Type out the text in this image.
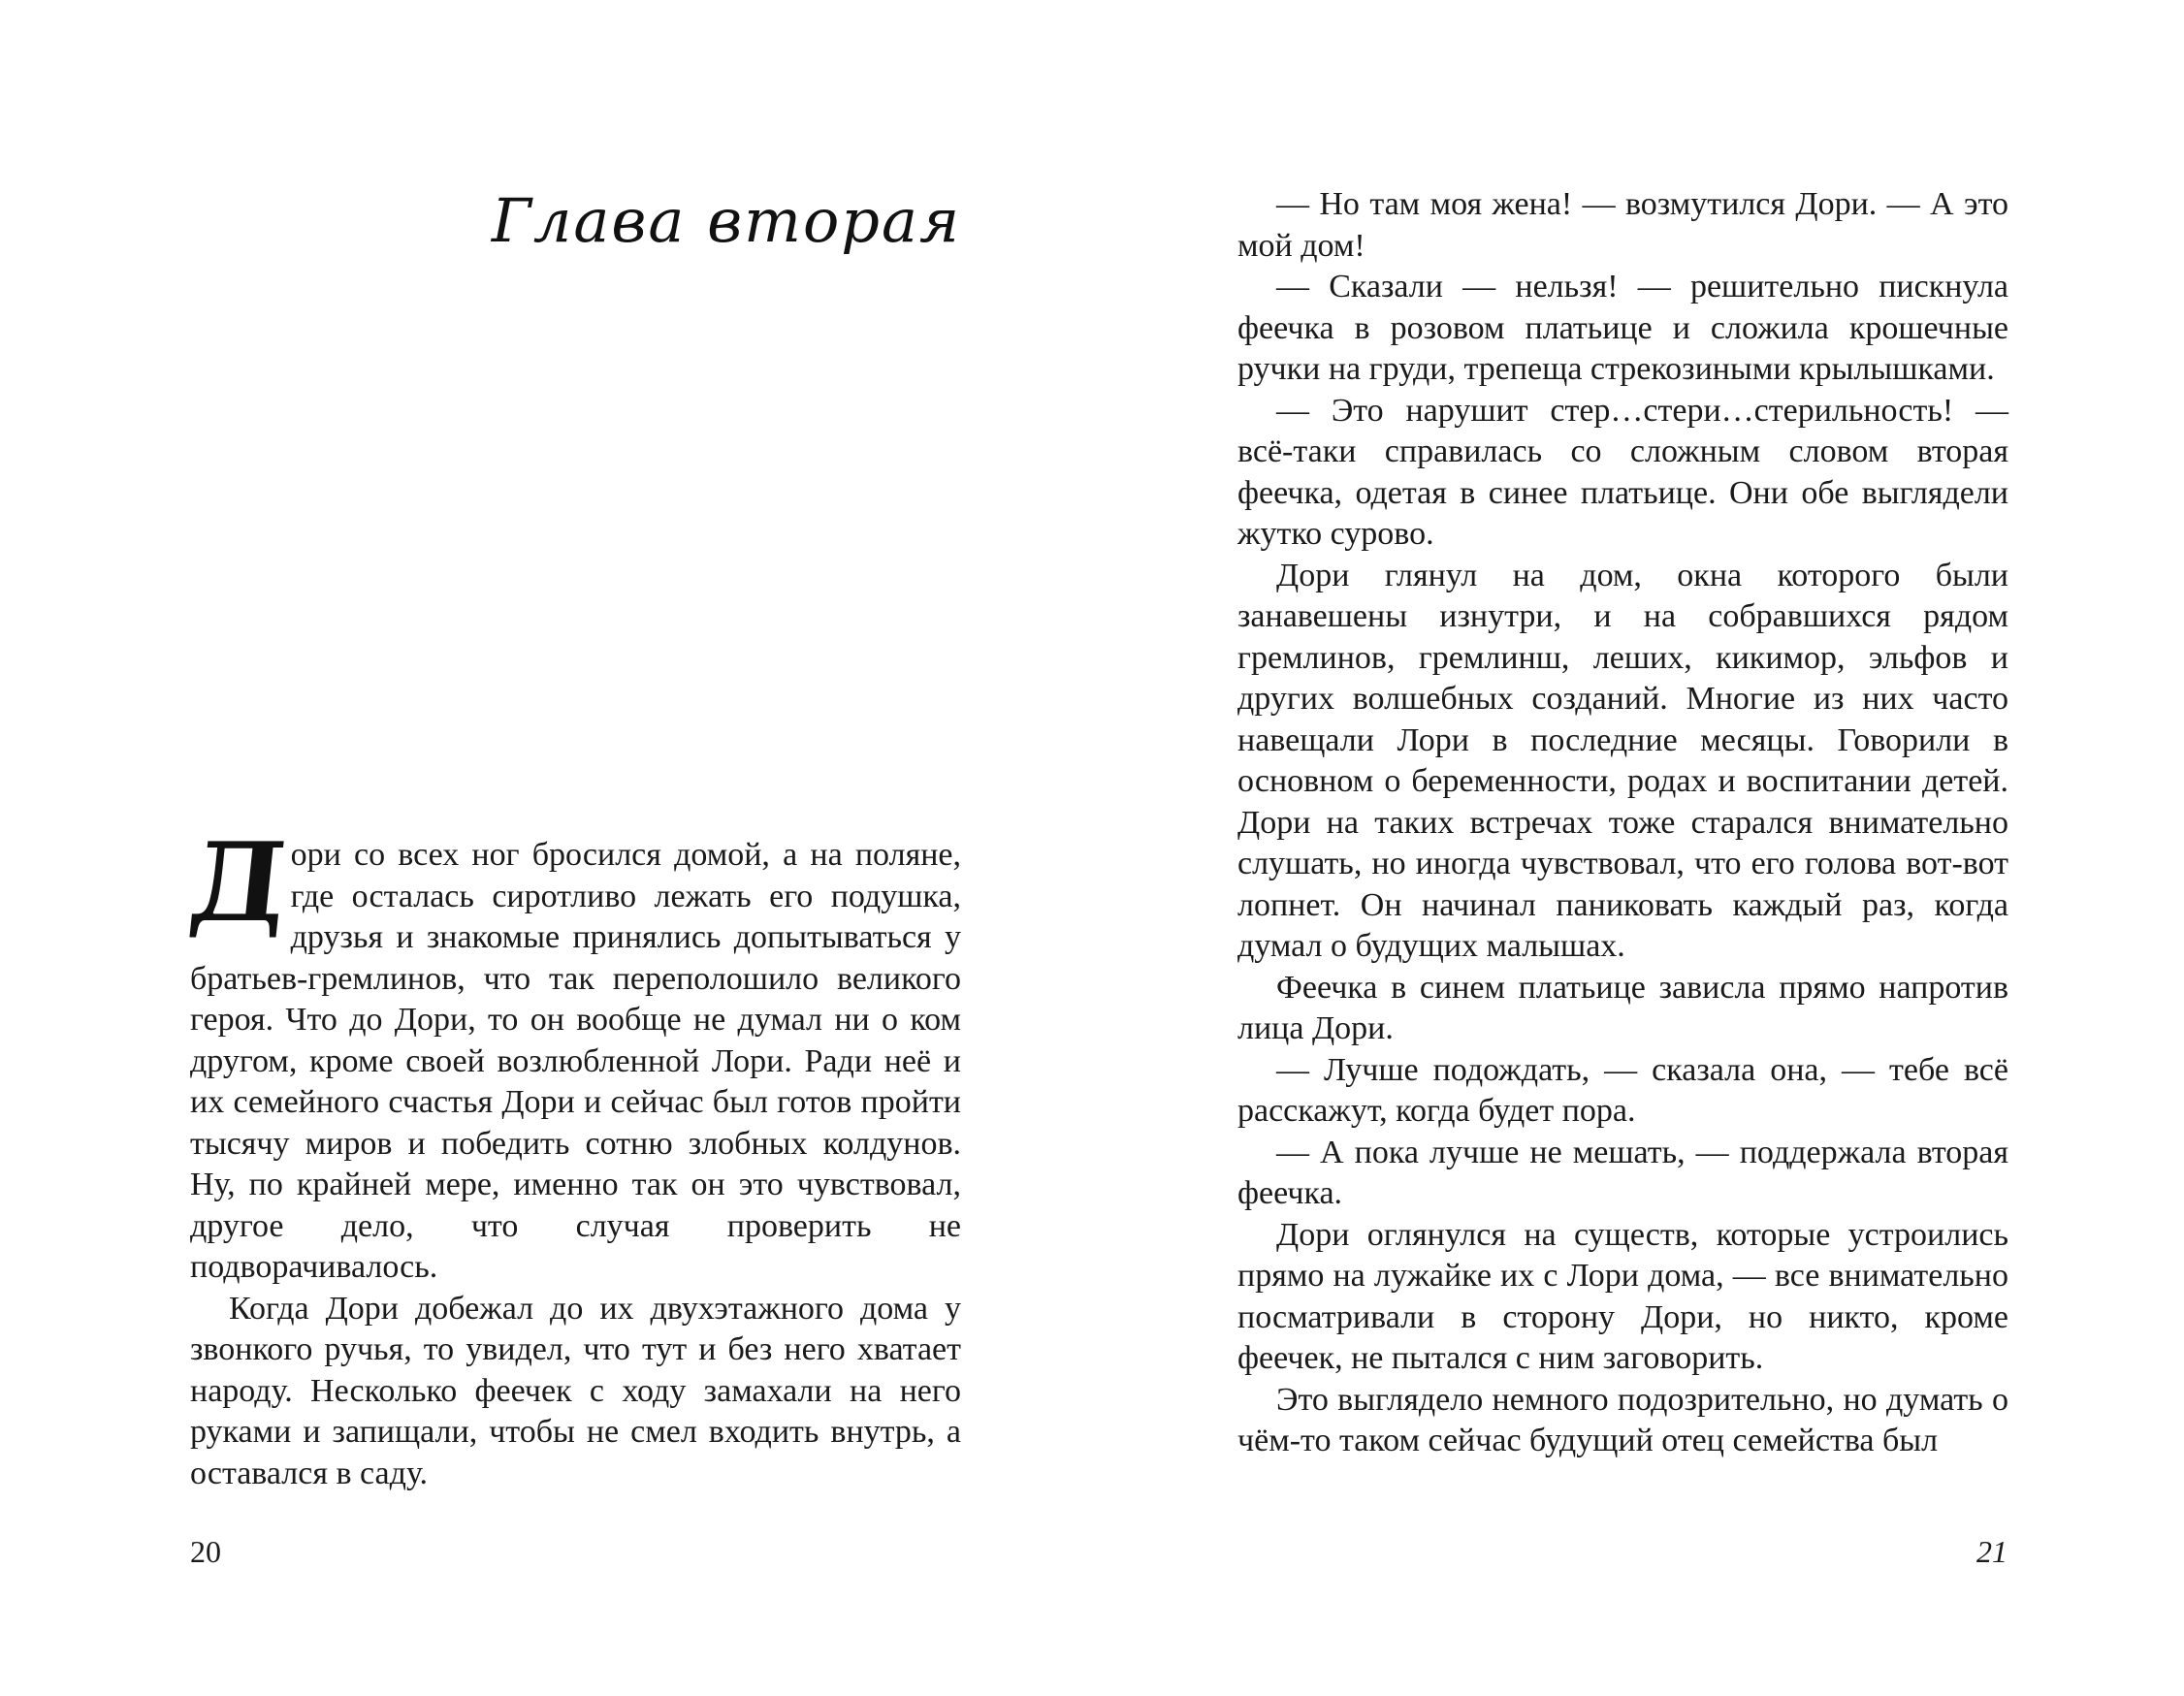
Глава вторая

Д
ори со всех ног бросился домой, а на поляне, где осталась сиротливо лежать его подушка, друзья и знакомые принялись допытываться у братьев-гремлинов, что так переполошило великого героя. Что до Дори, то он вообще не думал ни о ком другом, кроме своей возлюбленной Лори. Ради неё и их семейного счастья Дори и сейчас был готов пройти тысячу миров и победить сотню злобных колдунов. Ну, по крайней мере, именно так он это чувствовал, другое дело, что случая проверить не подворачивалось.

Когда Дори добежал до их двухэтажного дома у звонкого ручья, то увидел, что тут и без него хватает народу. Несколько феечек с ходу замахали на него руками и запищали, чтобы не смел входить внутрь, а оставался в саду.

20

— Но там моя жена! — возмутился Дори. — А это мой дом!

— Сказали — нельзя! — решительно пискнула феечка в розовом платьице и сложила крошечные ручки на груди, трепеща стрекозиными крылышками.

— Это нарушит стер…стери…стерильность! — всё-таки справилась со сложным словом вторая феечка, одетая в синее платьице. Они обе выглядели жутко сурово.

Дори глянул на дом, окна которого были занавешены изнутри, и на собравшихся рядом гремлинов, гремлинш, леших, кикимор, эльфов и других волшебных созданий. Многие из них часто навещали Лори в последние месяцы. Говорили в основном о беременности, родах и воспитании детей. Дори на таких встречах тоже старался внимательно слушать, но иногда чувствовал, что его голова вот-вот лопнет. Он начинал паниковать каждый раз, когда думал о будущих малышах.

Феечка в синем платьице зависла прямо напротив лица Дори.

— Лучше подождать, — сказала она, — тебе всё расскажут, когда будет пора.

— А пока лучше не мешать, — поддержала вторая феечка.

Дори оглянулся на существ, которые устроились прямо на лужайке их с Лори дома, — все внимательно посматривали в сторону Дори, но никто, кроме феечек, не пытался с ним заговорить.

Это выглядело немного подозрительно, но думать о чём-то таком сейчас будущий отец семейства был

21
